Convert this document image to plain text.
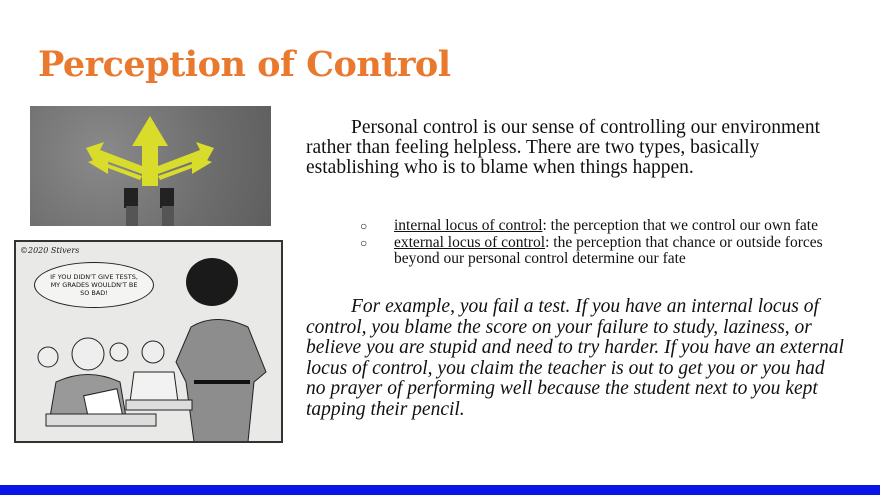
Perception of Control
©2020 Stivers
IF YOU DIDN'T GIVE TESTS, MY GRADES WOULDN'T BE SO BAD!
Personal control is our sense of controlling our environment rather than feeling helpless. There are two types, basically establishing who is to blame when things happen.
○ internal locus of control: the perception that we control our own fate
○ external locus of control: the perception that chance or outside forces beyond our personal control determine our fate
For example, you fail a test. If you have an internal locus of control, you blame the score on your failure to study, laziness, or believe you are stupid and need to try harder. If you have an external locus of control, you claim the teacher is out to get you or you had no prayer of performing well because the student next to you kept tapping their pencil.
